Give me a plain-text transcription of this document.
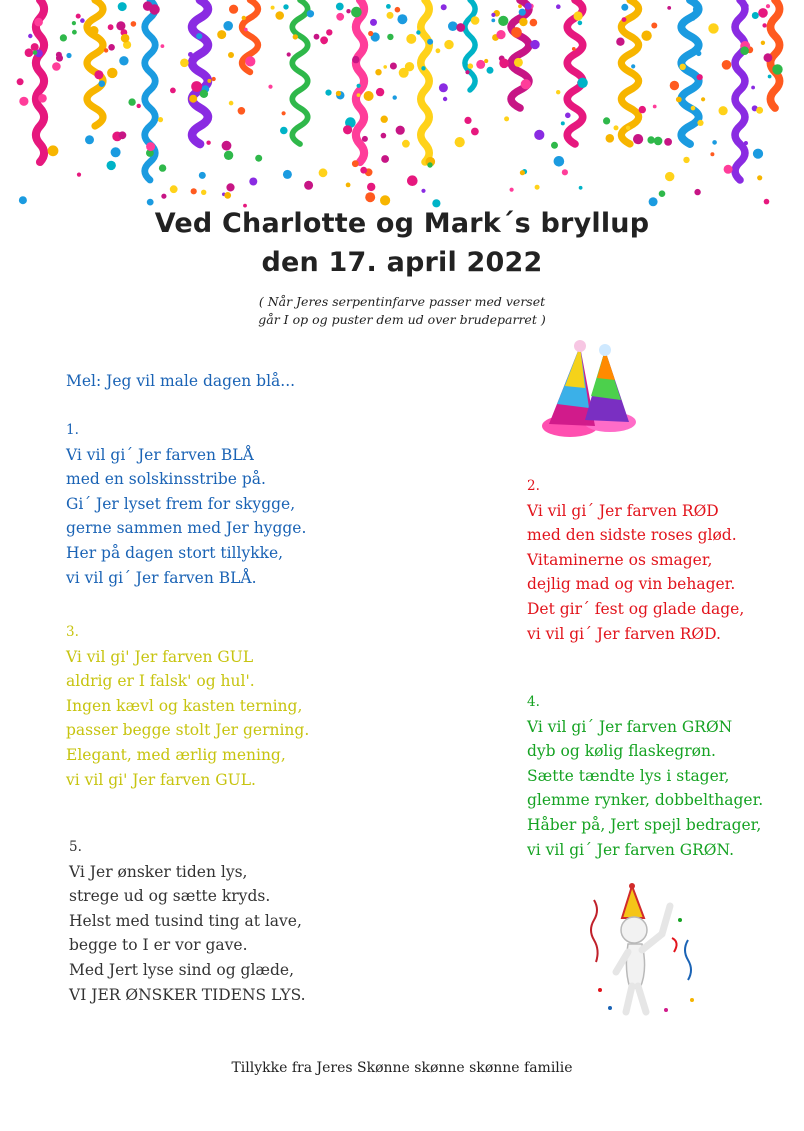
Ved Charlotte og Mark´s bryllup
den 17. april 2022
( Når Jeres serpentinfarve passer med verset
går I op og puster dem ud over brudeparret )
Mel: Jeg vil male dagen blå...
1.
Vi vil gi´ Jer farven BLÅ
med en solskinsstribe på.
Gi´ Jer lyset frem for skygge,
gerne sammen med Jer hygge.
Her på dagen stort tillykke,
vi vil gi´ Jer farven BLÅ.
2.
Vi vil gi´ Jer farven RØD
med den sidste roses glød.
Vitaminerne os smager,
dejlig mad og vin behager.
Det gir´ fest og glade dage,
vi vil gi´ Jer farven RØD.
3.
Vi vil gi' Jer farven GUL
aldrig er I falsk' og hul'.
Ingen kævl og kasten terning,
passer begge stolt Jer gerning.
Elegant, med ærlig mening,
vi vil gi' Jer farven GUL.
4.
Vi vil gi´ Jer farven GRØN
dyb og kølig flaskegrøn.
Sætte tændte lys i stager,
glemme rynker, dobbelthager.
Håber på, Jert spejl bedrager,
vi vil gi´ Jer farven GRØN.
5.
Vi Jer ønsker tiden lys,
strege ud og sætte kryds.
Helst med tusind ting at lave,
begge to I er vor gave.
Med Jert lyse sind og glæde,
VI JER ØNSKER TIDENS LYS.
Tillykke fra Jeres Skønne skønne skønne familie
